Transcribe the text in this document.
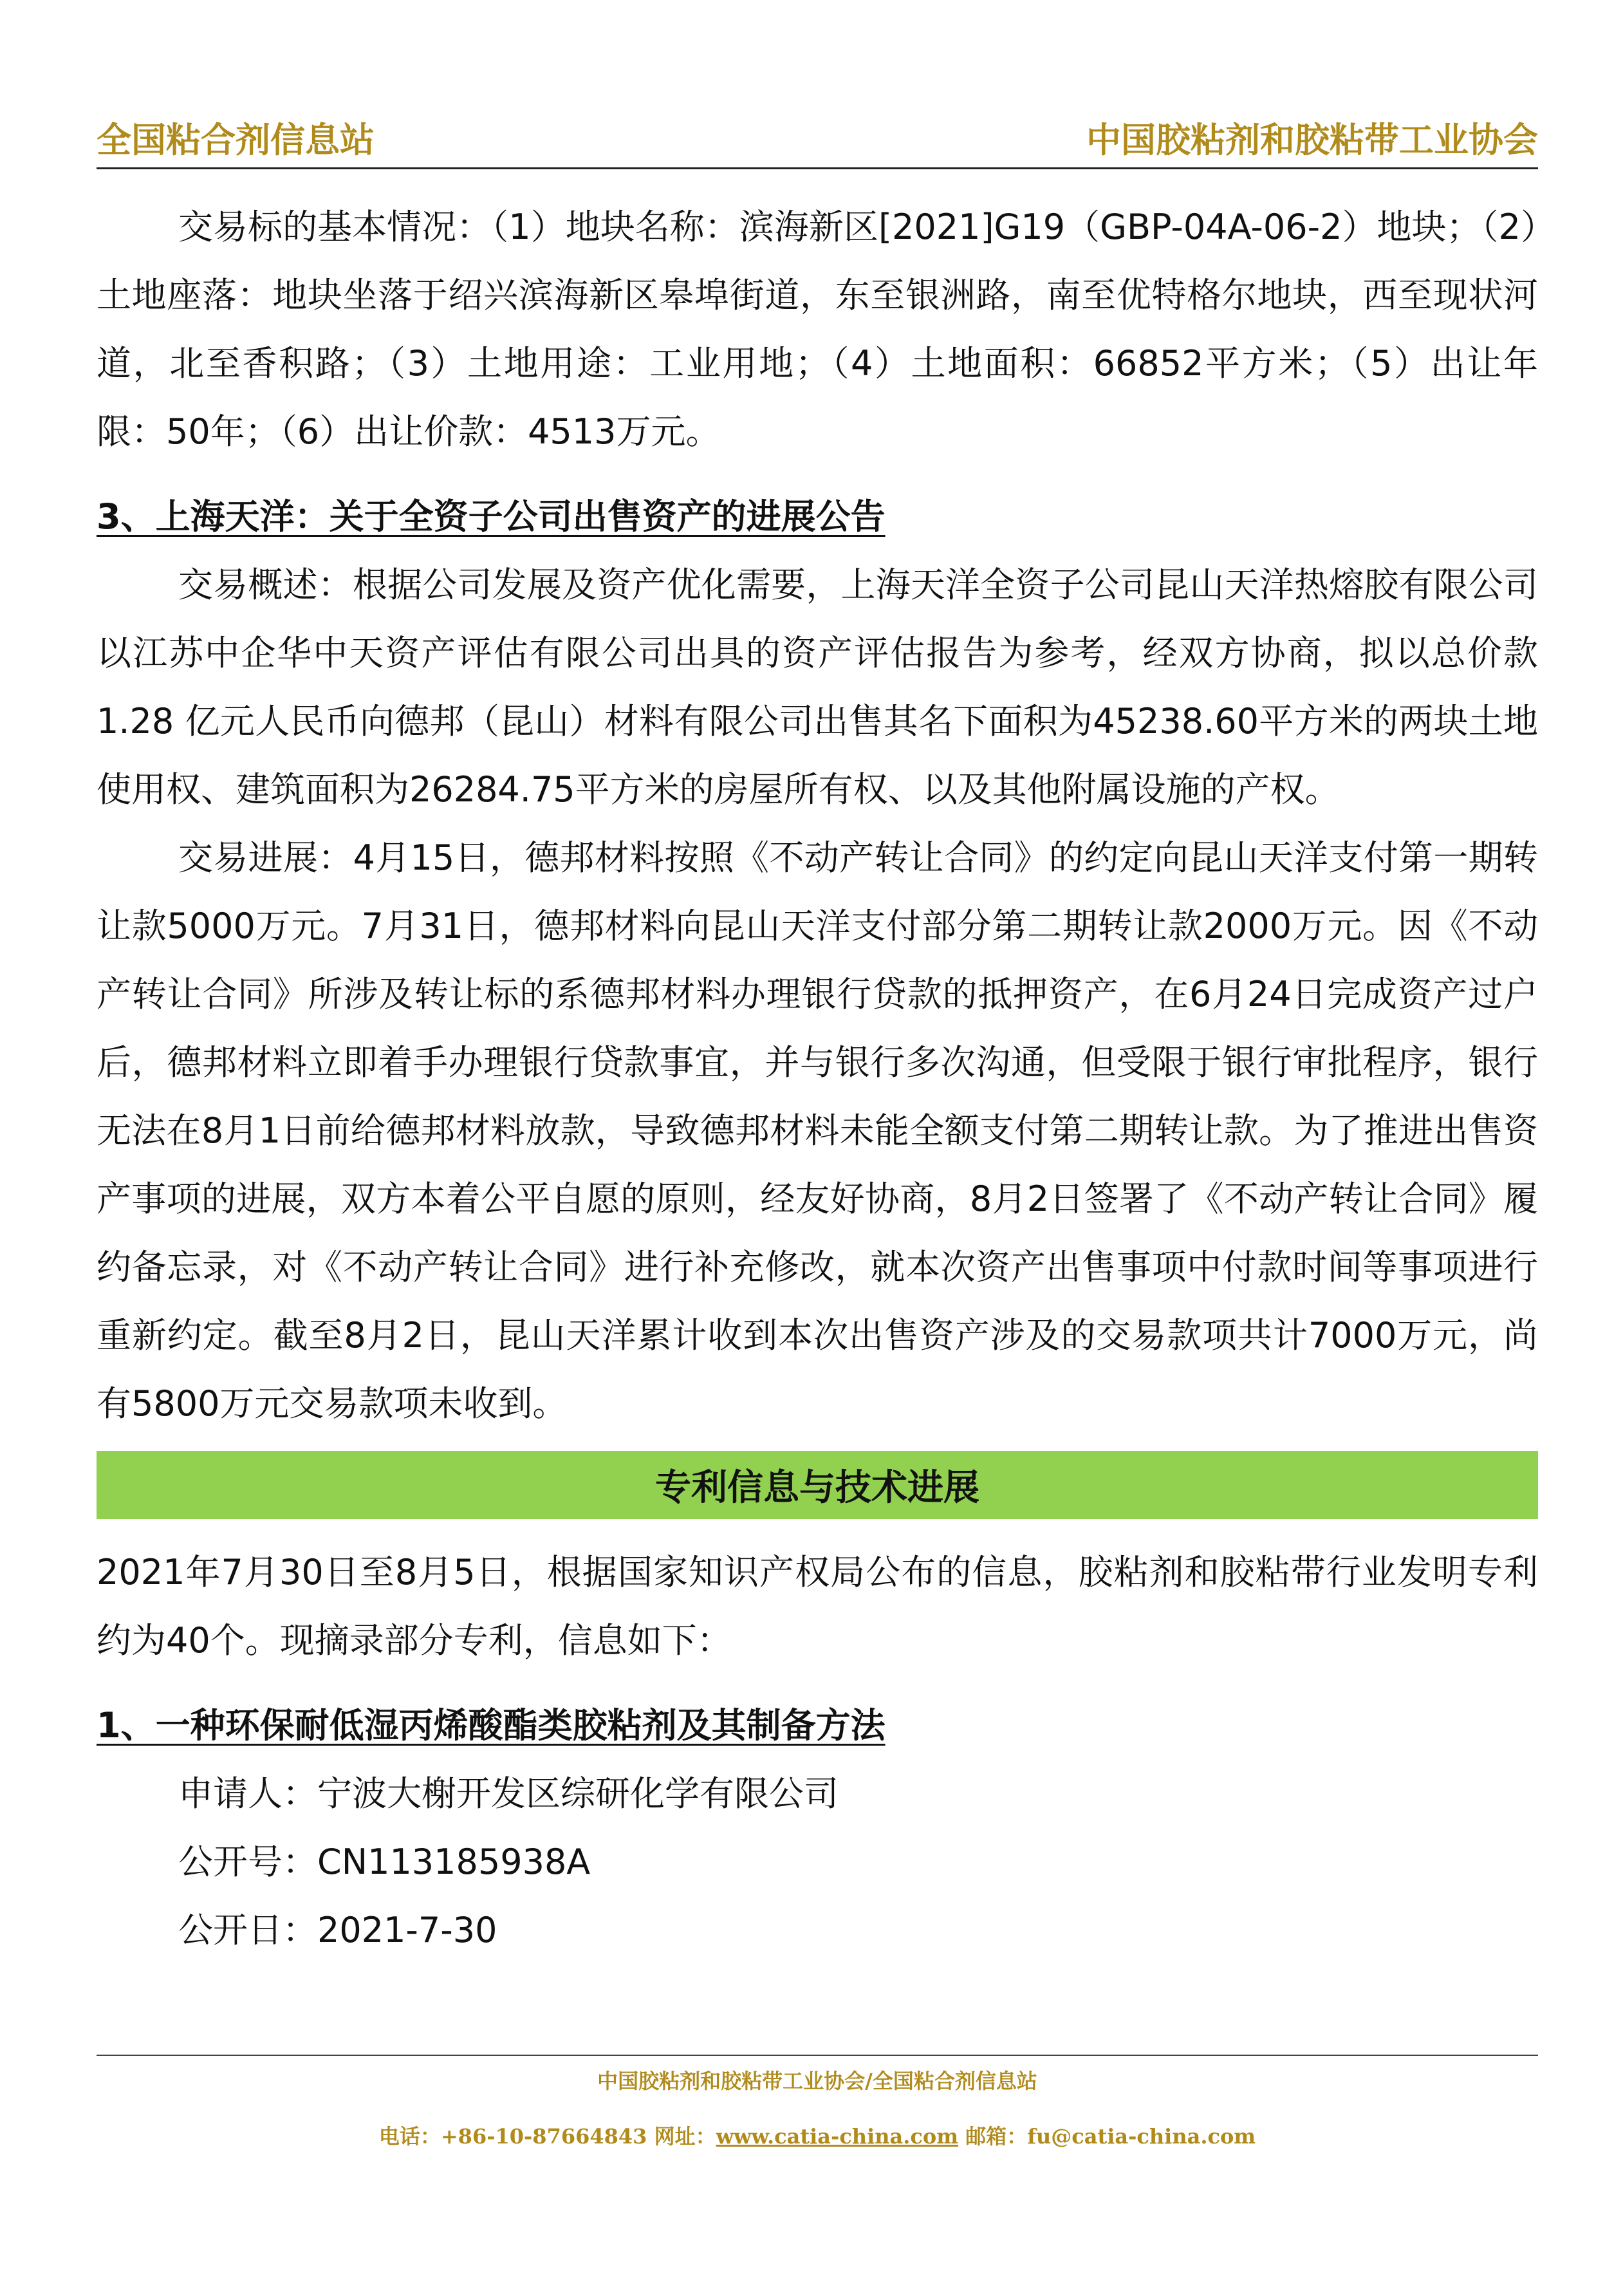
全国粘合剂信息站	中国胶粘剂和胶粘带工业协会

交易标的基本情况：（1）地块名称：滨海新区[2021]G19（GBP-04A-06-2）地块；（2）土地座落：地块坐落于绍兴滨海新区皋埠街道，东至银洲路，南至优特格尔地块，西至现状河道，北至香积路；（3）土地用途：工业用地；（4）土地面积：66852平方米；（5）出让年限：50年；（6）出让价款：4513万元。

3、上海天洋：关于全资子公司出售资产的进展公告

交易概述：根据公司发展及资产优化需要，上海天洋全资子公司昆山天洋热熔胶有限公司以江苏中企华中天资产评估有限公司出具的资产评估报告为参考，经双方协商，拟以总价款 1.28 亿元人民币向德邦（昆山）材料有限公司出售其名下面积为45238.60平方米的两块土地使用权、建筑面积为26284.75平方米的房屋所有权、以及其他附属设施的产权。

交易进展：4月15日，德邦材料按照《不动产转让合同》的约定向昆山天洋支付第一期转让款5000万元。7月31日，德邦材料向昆山天洋支付部分第二期转让款2000万元。因《不动产转让合同》所涉及转让标的系德邦材料办理银行贷款的抵押资产，在6月24日完成资产过户后，德邦材料立即着手办理银行贷款事宜，并与银行多次沟通，但受限于银行审批程序，银行无法在8月1日前给德邦材料放款，导致德邦材料未能全额支付第二期转让款。为了推进出售资产事项的进展，双方本着公平自愿的原则，经友好协商，8月2日签署了《不动产转让合同》履约备忘录，对《不动产转让合同》进行补充修改，就本次资产出售事项中付款时间等事项进行重新约定。截至8月2日，昆山天洋累计收到本次出售资产涉及的交易款项共计7000万元，尚有5800万元交易款项未收到。

专利信息与技术进展

2021年7月30日至8月5日，根据国家知识产权局公布的信息，胶粘剂和胶粘带行业发明专利约为40个。现摘录部分专利，信息如下：

1、一种环保耐低湿丙烯酸酯类胶粘剂及其制备方法

申请人：宁波大榭开发区综研化学有限公司

公开号：CN113185938A

公开日：2021-7-30

中国胶粘剂和胶粘带工业协会/全国粘合剂信息站
电话：+86-10-87664843 网址：www.catia-china.com 邮箱：fu@catia-china.com
